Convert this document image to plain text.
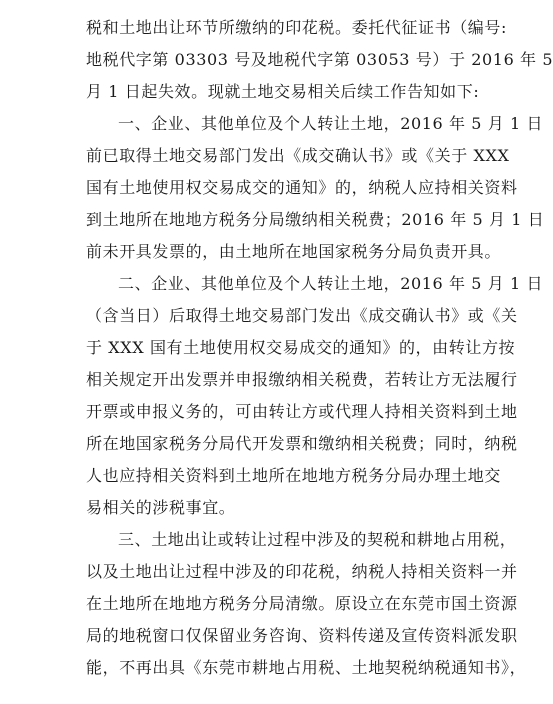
税和土地出让环节所缴纳的印花税。委托代征证书（编号:
地税代字第 03303 号及地税代字第 03053 号）于 2016 年 5
月 1 日起失效。现就土地交易相关后续工作告知如下:
一、企业、其他单位及个人转让土地，2016 年 5 月 1 日
前已取得土地交易部门发出《成交确认书》或《关于 XXX
国有土地使用权交易成交的通知》的，纳税人应持相关资料
到土地所在地地方税务分局缴纳相关税费；2016 年 5 月 1 日
前未开具发票的，由土地所在地国家税务分局负责开具。
二、企业、其他单位及个人转让土地，2016 年 5 月 1 日
（含当日）后取得土地交易部门发出《成交确认书》或《关
于 XXX 国有土地使用权交易成交的通知》的，由转让方按
相关规定开出发票并申报缴纳相关税费，若转让方无法履行
开票或申报义务的，可由转让方或代理人持相关资料到土地
所在地国家税务分局代开发票和缴纳相关税费；同时，纳税
人也应持相关资料到土地所在地地方税务分局办理土地交
易相关的涉税事宜。
三、土地出让或转让过程中涉及的契税和耕地占用税，
以及土地出让过程中涉及的印花税，纳税人持相关资料一并
在土地所在地地方税务分局清缴。原设立在东莞市国土资源
局的地税窗口仅保留业务咨询、资料传递及宣传资料派发职
能，不再出具《东莞市耕地占用税、土地契税纳税通知书》，
